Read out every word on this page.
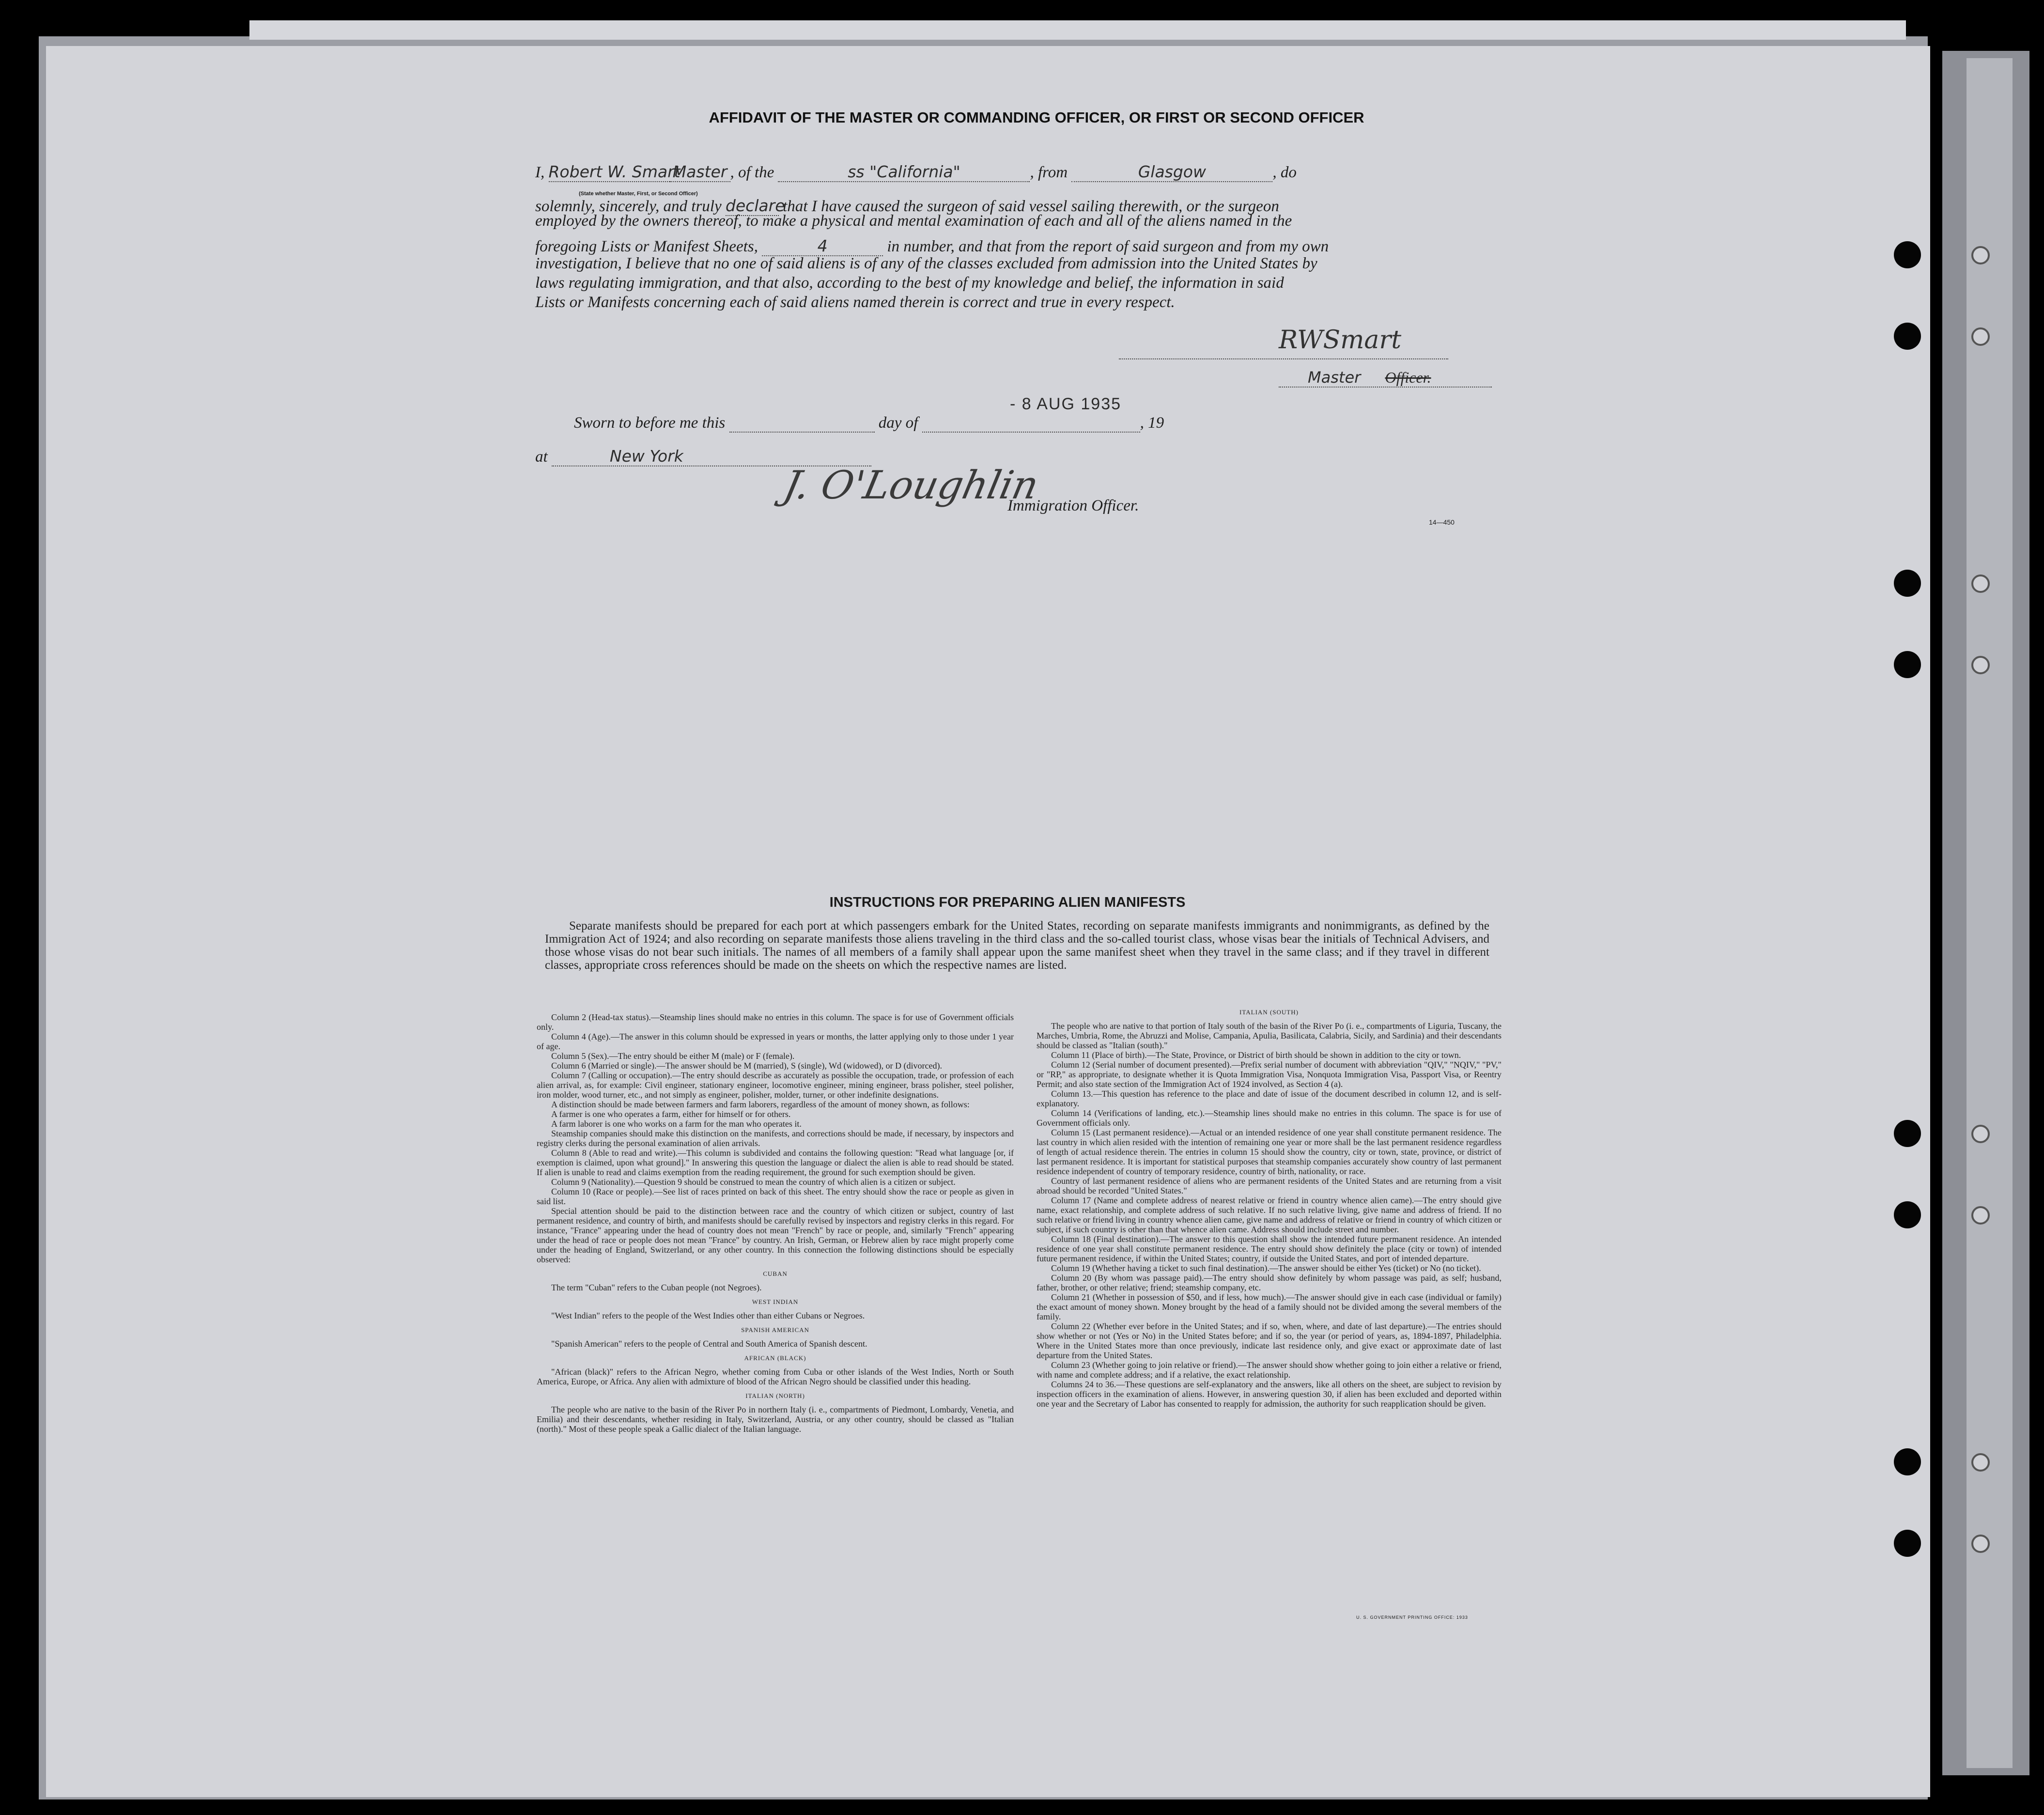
AFFIDAVIT OF THE MASTER OR COMMANDING OFFICER, OR FIRST OR SECOND OFFICER
I, Robert W. SmartMaster , of the	ss "California"	, from	Glasgow	, do
(State whether Master, First, or Second Officer)
solemnly, sincerely, and truly declare that I have caused the surgeon of said vessel sailing therewith, or the surgeon
employed by the owners thereof, to make a physical and mental examination of each and all of the aliens named in the
foregoing Lists or Manifest Sheets,	4	in number, and that from the report of said surgeon and from my own
investigation, I believe that no one of said aliens is of any of the classes excluded from admission into the United States by
laws regulating immigration, and that also, according to the best of my knowledge and belief, the information in said
Lists or Manifests concerning each of said aliens named therein is correct and true in every respect.
RWSmart
Master Officer.
Sworn to before me this	day of	, 19
- 8 AUG 1935
at	New York
J. O'Loughlin
Immigration Officer.
14—450
INSTRUCTIONS FOR PREPARING ALIEN MANIFESTS
Separate manifests should be prepared for each port at which passengers embark for the United States, recording on separate manifests immigrants and nonimmigrants, as defined by the Immigration Act of 1924; and also recording on separate manifests those aliens traveling in the third class and the so-called tourist class, whose visas bear the initials of Technical Advisers, and those whose visas do not bear such initials. The names of all members of a family shall appear upon the same manifest sheet when they travel in the same class; and if they travel in different classes, appropriate cross references should be made on the sheets on which the respective names are listed.

Column 2 (Head-tax status).—Steamship lines should make no entries in this column. The space is for use of Government officials only.

Column 4 (Age).—The answer in this column should be expressed in years or months, the latter applying only to those under 1 year of age.

Column 5 (Sex).—The entry should be either M (male) or F (female).

Column 6 (Married or single).—The answer should be M (married), S (single), Wd (widowed), or D (divorced).

Column 7 (Calling or occupation).—The entry should describe as accurately as possible the occupation, trade, or profession of each alien arrival, as, for example: Civil engineer, stationary engineer, locomotive engineer, mining engineer, brass polisher, steel polisher, iron molder, wood turner, etc., and not simply as engineer, polisher, molder, turner, or other indefinite designations.

A distinction should be made between farmers and farm laborers, regardless of the amount of money shown, as follows:

A farmer is one who operates a farm, either for himself or for others.

A farm laborer is one who works on a farm for the man who operates it.

Steamship companies should make this distinction on the manifests, and corrections should be made, if necessary, by inspectors and registry clerks during the personal examination of alien arrivals.

Column 8 (Able to read and write).—This column is subdivided and contains the following question: "Read what language [or, if exemption is claimed, upon what ground]." In answering this question the language or dialect the alien is able to read should be stated. If alien is unable to read and claims exemption from the reading requirement, the ground for such exemption should be given.

Column 9 (Nationality).—Question 9 should be construed to mean the country of which alien is a citizen or subject.

Column 10 (Race or people).—See list of races printed on back of this sheet. The entry should show the race or people as given in said list.

Special attention should be paid to the distinction between race and the country of which citizen or subject, country of last permanent residence, and country of birth, and manifests should be carefully revised by inspectors and registry clerks in this regard. For instance, "France" appearing under the head of country does not mean "French" by race or people, and, similarly "French" appearing under the head of race or people does not mean "France" by country. An Irish, German, or Hebrew alien by race might properly come under the heading of England, Switzerland, or any other country. In this connection the following distinctions should be especially observed:

CUBAN

The term "Cuban" refers to the Cuban people (not Negroes).

WEST INDIAN

"West Indian" refers to the people of the West Indies other than either Cubans or Negroes.

SPANISH AMERICAN

"Spanish American" refers to the people of Central and South America of Spanish descent.

AFRICAN (BLACK)

"African (black)" refers to the African Negro, whether coming from Cuba or other islands of the West Indies, North or South America, Europe, or Africa. Any alien with admixture of blood of the African Negro should be classified under this heading.

ITALIAN (NORTH)

The people who are native to the basin of the River Po in northern Italy (i. e., compartments of Piedmont, Lombardy, Venetia, and Emilia) and their descendants, whether residing in Italy, Switzerland, Austria, or any other country, should be classed as "Italian (north)." Most of these people speak a Gallic dialect of the Italian language.

ITALIAN (SOUTH)

The people who are native to that portion of Italy south of the basin of the River Po (i. e., compartments of Liguria, Tuscany, the Marches, Umbria, Rome, the Abruzzi and Molise, Campania, Apulia, Basilicata, Calabria, Sicily, and Sardinia) and their descendants should be classed as "Italian (south)."

Column 11 (Place of birth).—The State, Province, or District of birth should be shown in addition to the city or town.

Column 12 (Serial number of document presented).—Prefix serial number of document with abbreviation "QIV," "NQIV," "PV," or "RP," as appropriate, to designate whether it is Quota Immigration Visa, Nonquota Immigration Visa, Passport Visa, or Reentry Permit; and also state section of the Immigration Act of 1924 involved, as Section 4 (a).

Column 13.—This question has reference to the place and date of issue of the document described in column 12, and is self-explanatory.

Column 14 (Verifications of landing, etc.).—Steamship lines should make no entries in this column. The space is for use of Government officials only.

Column 15 (Last permanent residence).—Actual or an intended residence of one year shall constitute permanent residence. The last country in which alien resided with the intention of remaining one year or more shall be the last permanent residence regardless of length of actual residence therein. The entries in column 15 should show the country, city or town, state, province, or district of last permanent residence. It is important for statistical purposes that steamship companies accurately show country of last permanent residence independent of country of temporary residence, country of birth, nationality, or race.

Country of last permanent residence of aliens who are permanent residents of the United States and are returning from a visit abroad should be recorded "United States."

Column 17 (Name and complete address of nearest relative or friend in country whence alien came).—The entry should give name, exact relationship, and complete address of such relative. If no such relative living, give name and address of friend. If no such relative or friend living in country whence alien came, give name and address of relative or friend in country of which citizen or subject, if such country is other than that whence alien came. Address should include street and number.

Column 18 (Final destination).—The answer to this question shall show the intended future permanent residence. An intended residence of one year shall constitute permanent residence. The entry should show definitely the place (city or town) of intended future permanent residence, if within the United States; country, if outside the United States, and port of intended departure.

Column 19 (Whether having a ticket to such final destination).—The answer should be either Yes (ticket) or No (no ticket).

Column 20 (By whom was passage paid).—The entry should show definitely by whom passage was paid, as self; husband, father, brother, or other relative; friend; steamship company, etc.

Column 21 (Whether in possession of $50, and if less, how much).—The answer should give in each case (individual or family) the exact amount of money shown. Money brought by the head of a family should not be divided among the several members of the family.

Column 22 (Whether ever before in the United States; and if so, when, where, and date of last departure).—The entries should show whether or not (Yes or No) in the United States before; and if so, the year (or period of years, as, 1894-1897, Philadelphia. Where in the United States more than once previously, indicate last residence only, and give exact or approximate date of last departure from the United States.

Column 23 (Whether going to join relative or friend).—The answer should show whether going to join either a relative or friend, with name and complete address; and if a relative, the exact relationship.

Columns 24 to 36.—These questions are self-explanatory and the answers, like all others on the sheet, are subject to revision by inspection officers in the examination of aliens. However, in answering question 30, if alien has been excluded and deported within one year and the Secretary of Labor has consented to reapply for admission, the authority for such reapplication should be given.

U. S. GOVERNMENT PRINTING OFFICE: 1933
